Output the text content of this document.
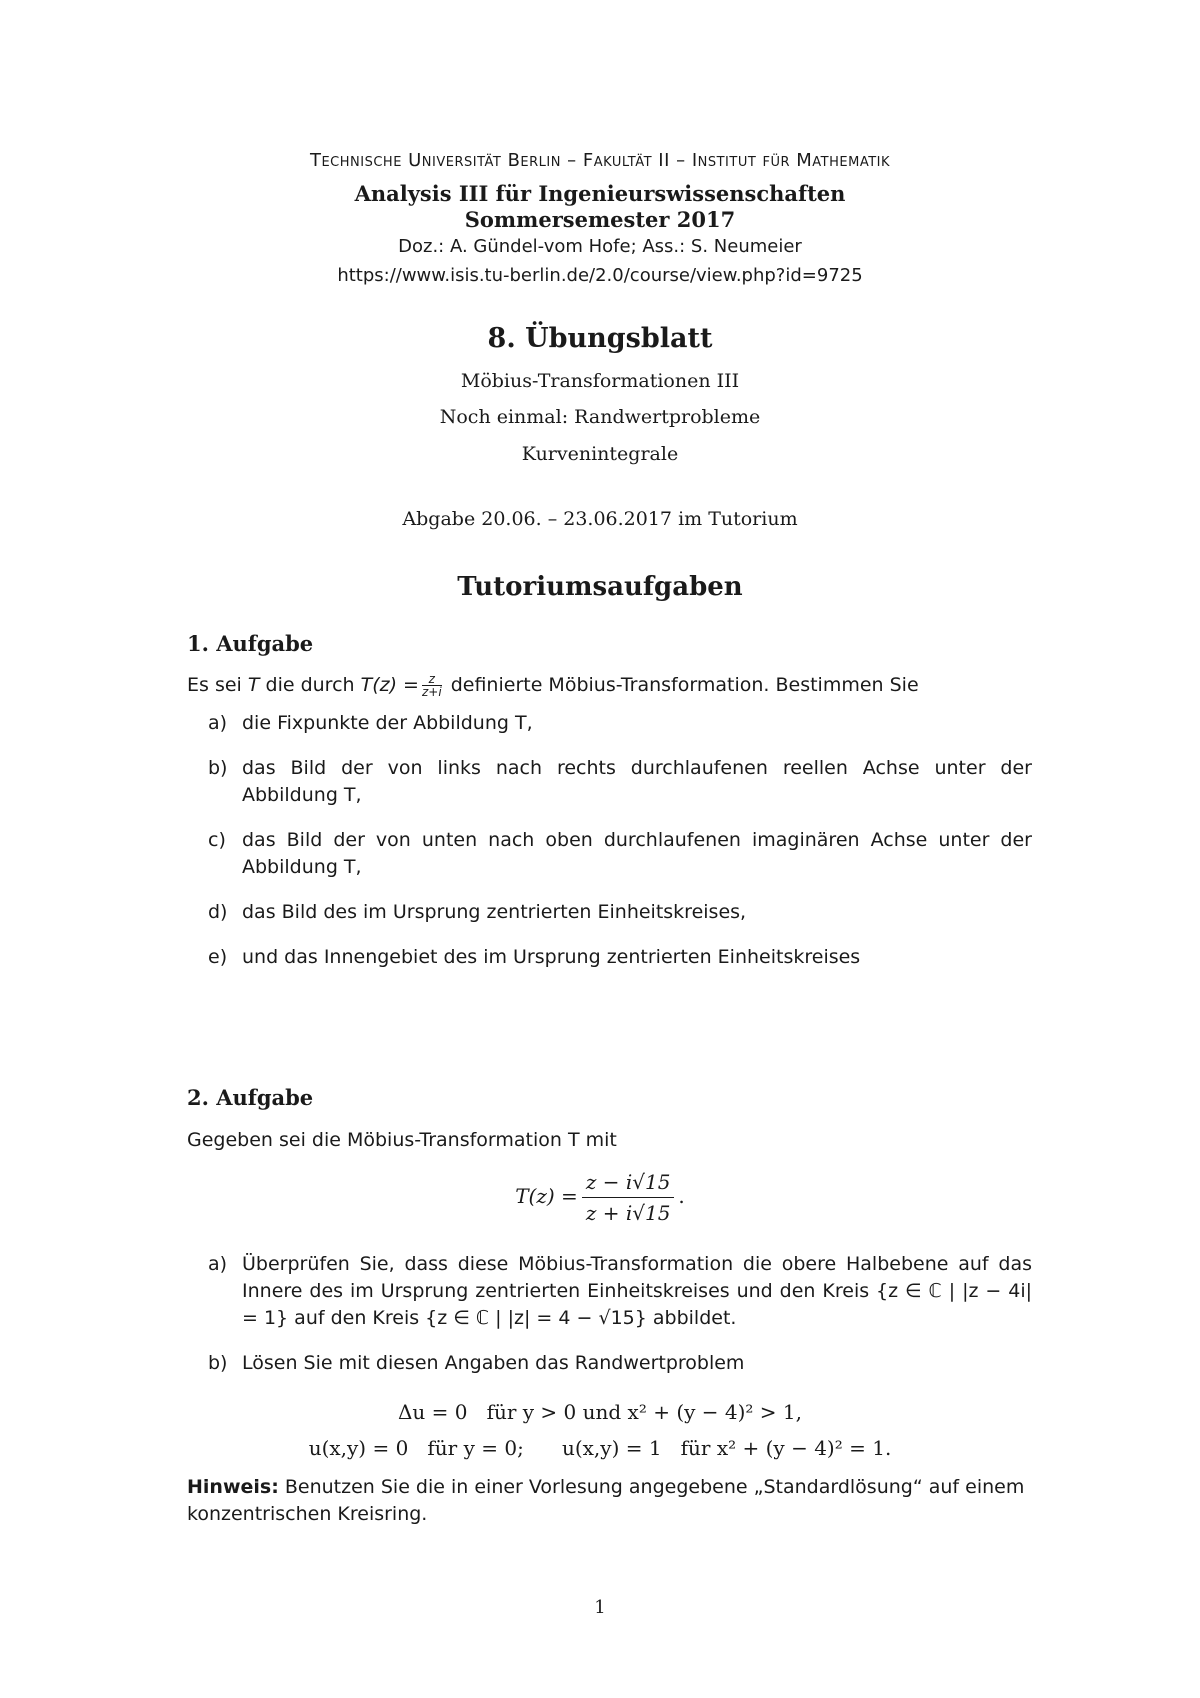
Technische Universität Berlin – Fakultät II – Institut für Mathematik
Analysis III für Ingenieurswissenschaften
Sommersemester 2017
Doz.: A. Gündel-vom Hofe; Ass.: S. Neumeier
https://www.isis.tu-berlin.de/2.0/course/view.php?id=9725
8. Übungsblatt
Möbius-Transformationen III
Noch einmal: Randwertprobleme
Kurvenintegrale
Abgabe 20.06. – 23.06.2017 im Tutorium
Tutoriumsaufgaben
1. Aufgabe
Es sei T die durch $T(z) = \frac{z}{z+i}$ definierte Möbius-Transformation. Bestimmen Sie
a) die Fixpunkte der Abbildung T,
b) das Bild der von links nach rechts durchlaufenen reellen Achse unter der Abbildung T,
c) das Bild der von unten nach oben durchlaufenen imaginären Achse unter der Abbildung T,
d) das Bild des im Ursprung zentrierten Einheitskreises,
e) und das Innengebiet des im Ursprung zentrierten Einheitskreises
2. Aufgabe
Gegeben sei die Möbius-Transformation T mit
$T(z) = \frac{z - i√15}{z + i√15}$ .
a) Überprüfen Sie, dass diese Möbius-Transformation die obere Halbebene auf das Innere des im Ursprung zentrierten Einheitskreises und den Kreis {z ∈ ℂ | |z − 4i| = 1} auf den Kreis {z ∈ ℂ | |z| = 4 − √15} abbildet.
b) Lösen Sie mit diesen Angaben das Randwertproblem
Δu = 0   für y > 0 und x² + (y − 4)² > 1,
u(x,y) = 0   für y = 0;      u(x,y) = 1   für x² + (y − 4)² = 1.
Hinweis: Benutzen Sie die in einer Vorlesung angegebene „Standardlösung“ auf einem konzentrischen Kreisring.
1
